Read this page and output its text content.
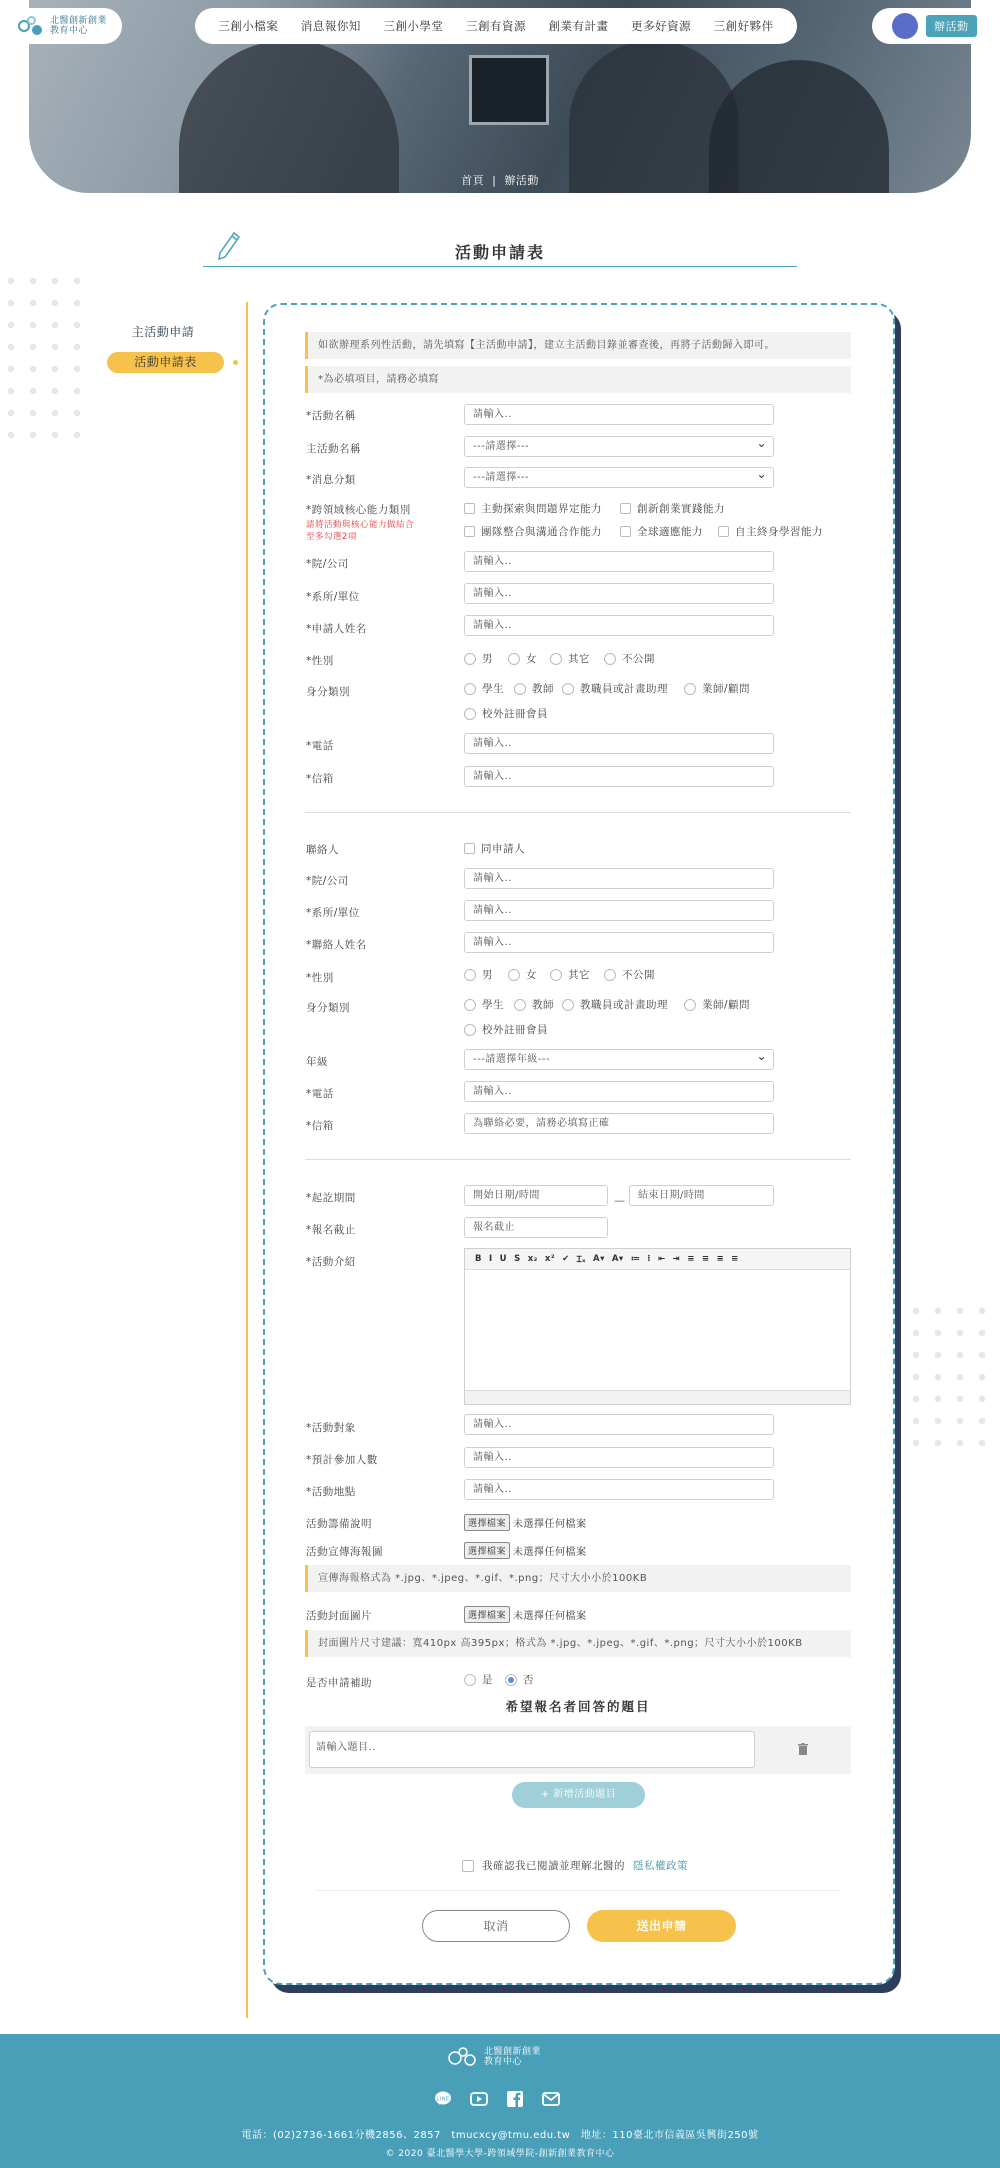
首頁 | 辦活動
北醫創新創業
教育中心	三創小檔案 消息報你知 三創小學堂 三創有資源 創業有計畫 更多好資源 三創好夥伴	辦活動
活動申請表
主活動申請
活動申請表
如欲辦理系列性活動，請先填寫【主活動申請】，建立主活動目錄並審查後，再將子活動歸入即可。
*為必填項目，請務必填寫
*活動名稱	請輸入..
主活動名稱	---請選擇--- ⌄
*消息分類	---請選擇--- ⌄
*跨領域核心能力類別
請將活動與核心能力做結合
至多勾選2項
主動探索與問題界定能力	創新創業實踐能力
團隊整合與溝通合作能力	全球適應能力	自主終身學習能力
*院/公司	請輸入..
*系所/單位	請輸入..
*申請人姓名	請輸入..
*性別	男	女	其它	不公開
身分類別	學生	教師 教職員或計畫助理	業師/顧問
校外註冊會員
*電話	請輸入..
*信箱	請輸入..
聯絡人	同申請人
*院/公司	請輸入..
*系所/單位	請輸入..
*聯絡人姓名	請輸入..
*性別	男	女	其它	不公開
身分類別	學生	教師 教職員或計畫助理	業師/顧問
校外註冊會員
年級	---請選擇年級--- ⌄
*電話	請輸入..
*信箱	為聯絡必要，請務必填寫正確
*起訖期間	開始日期/時間	—	結束日期/時間
*報名截止	報名截止
*活動介紹	B I U S x₂ x² ✔ Ɪₓ A▾ A▾ ≔ ⁝ ⇤ ⇥ ≡ ≡ ≡ ≡
*活動對象	請輸入..
*預計參加人數	請輸入..
*活動地點	請輸入..
活動籌備說明	選擇檔案 未選擇任何檔案
活動宣傳海報圖	選擇檔案 未選擇任何檔案
宣傳海報格式為 *.jpg、*.jpeg、*.gif、*.png；尺寸大小小於100KB
活動封面圖片	選擇檔案 未選擇任何檔案
封面圖片尺寸建議：寬410px 高395px；格式為 *.jpg、*.jpeg、*.gif、*.png；尺寸大小小於100KB
是否申請補助	是	否
希望報名者回答的題目
請輸入題目..
+ 新增活動題目
我確認我已閱讀並理解北醫的 隱私權政策
取消	送出申請
北醫創新創業
教育中心
LINE
電話：(02)2736-1661分機2856、2857　tmucxcy@tmu.edu.tw　地址：110臺北市信義區吳興街250號
© 2020 臺北醫學大學-跨領域學院-創新創業教育中心
